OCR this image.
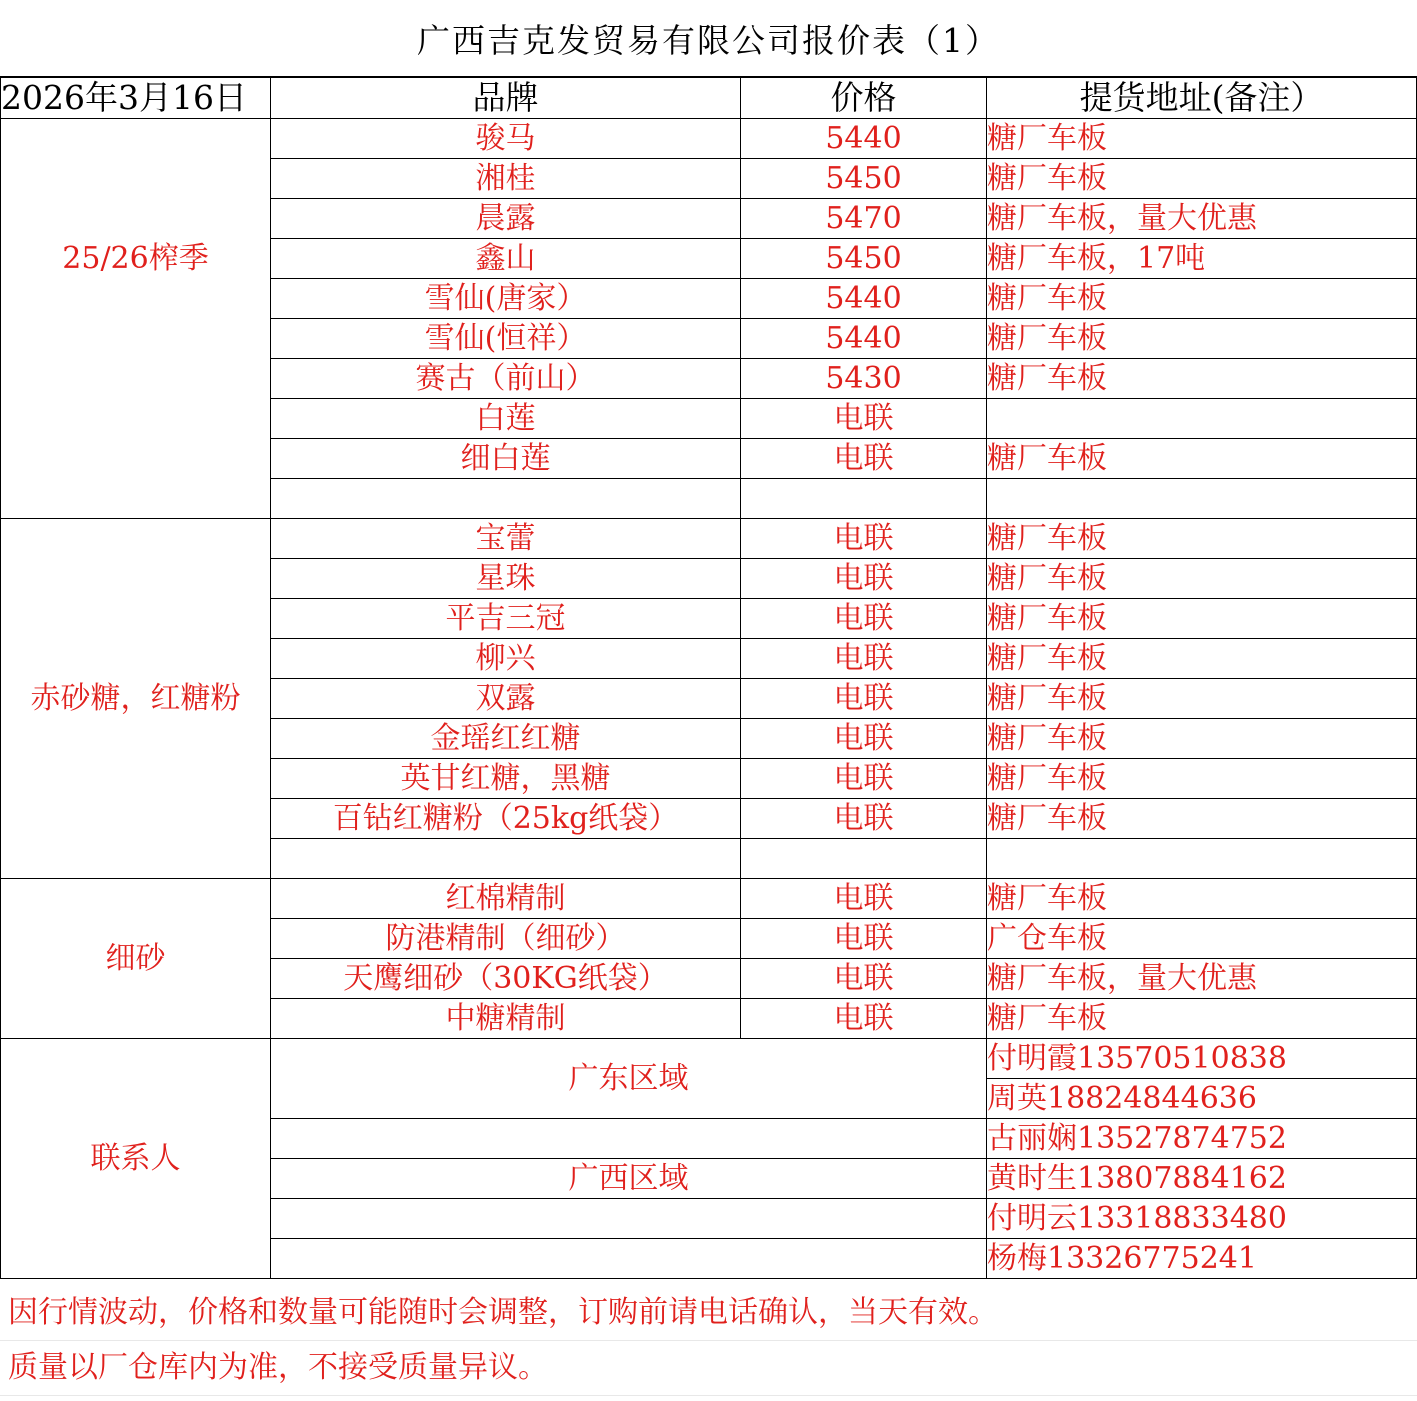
广西吉克发贸易有限公司报价表（1）
2026年3月16日	品牌	价格	提货地址(备注）
25/26榨季	骏马	5440	糖厂车板
	湘桂	5450	糖厂车板
	晨露	5470	糖厂车板，量大优惠
	鑫山	5450	糖厂车板，17吨
	雪仙(唐家）	5440	糖厂车板
	雪仙(恒祥）	5440	糖厂车板
	赛古（前山）	5430	糖厂车板
	白莲	电联	
	细白莲	电联	糖厂车板

赤砂糖，红糖粉	宝蕾	电联	糖厂车板
	星珠	电联	糖厂车板
	平吉三冠	电联	糖厂车板
	柳兴	电联	糖厂车板
	双露	电联	糖厂车板
	金瑶红红糖	电联	糖厂车板
	英甘红糖，黑糖	电联	糖厂车板
	百钻红糖粉（25kg纸袋）	电联	糖厂车板

细砂	红棉精制	电联	糖厂车板
	防港精制（细砂）	电联	广仓车板
	天鹰细砂（30KG纸袋）	电联	糖厂车板，量大优惠
	中糖精制	电联	糖厂车板
联系人	广东区域		付明霞13570510838
			周英18824844636
			古丽娴13527874752
	广西区域		黄时生13807884162
			付明云13318833480
			杨梅13326775241
因行情波动，价格和数量可能随时会调整，订购前请电话确认，当天有效。
质量以厂仓库内为准，不接受质量异议。
